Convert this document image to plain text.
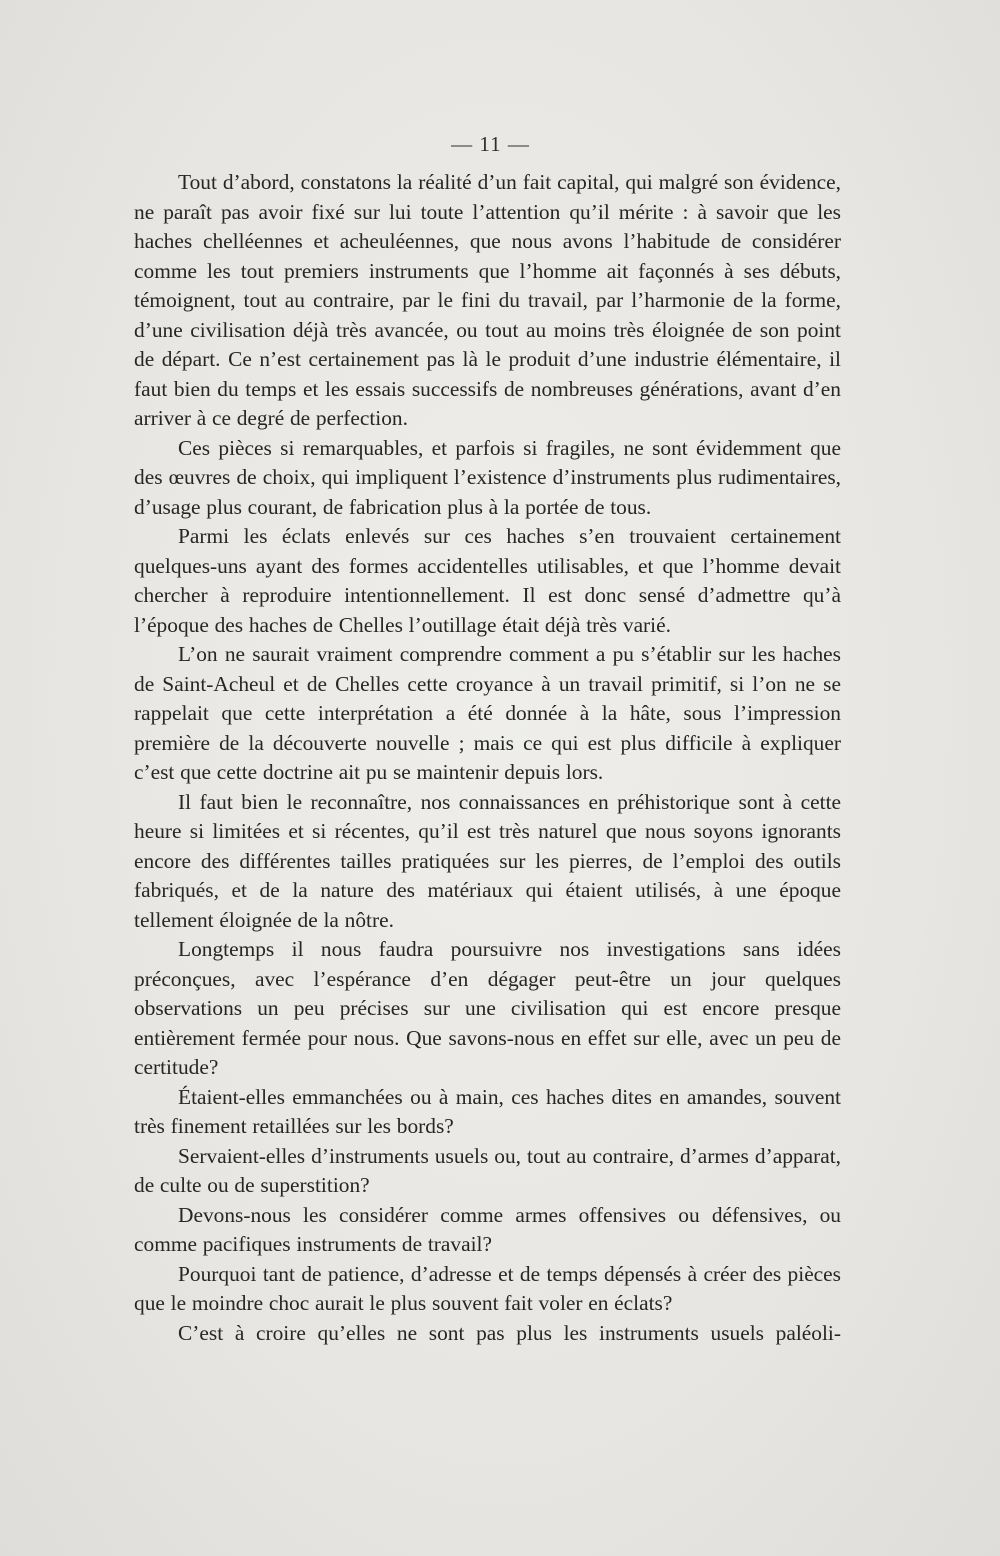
— 11 —

Tout d’abord, constatons la réalité d’un fait capital, qui malgré son évidence, ne paraît pas avoir fixé sur lui toute l’attention qu’il mérite : à savoir que les haches chelléennes et acheuléennes, que nous avons l’habitude de considérer comme les tout premiers instruments que l’homme ait façonnés à ses débuts, témoignent, tout au contraire, par le fini du travail, par l’harmonie de la forme, d’une civilisation déjà très avancée, ou tout au moins très éloignée de son point de départ. Ce n’est certainement pas là le produit d’une industrie élémentaire, il faut bien du temps et les essais successifs de nombreuses générations, avant d’en arriver à ce degré de perfection.

Ces pièces si remarquables, et parfois si fragiles, ne sont évidemment que des œuvres de choix, qui impliquent l’existence d’instruments plus rudimentaires, d’usage plus courant, de fabrication plus à la portée de tous.

Parmi les éclats enlevés sur ces haches s’en trouvaient certainement quelques-uns ayant des formes accidentelles utilisables, et que l’homme devait chercher à reproduire intentionnellement. Il est donc sensé d’admettre qu’à l’époque des haches de Chelles l’outillage était déjà très varié.

L’on ne saurait vraiment comprendre comment a pu s’établir sur les haches de Saint-Acheul et de Chelles cette croyance à un travail primitif, si l’on ne se rappelait que cette interprétation a été donnée à la hâte, sous l’impression première de la découverte nouvelle ; mais ce qui est plus difficile à expliquer c’est que cette doctrine ait pu se maintenir depuis lors.

Il faut bien le reconnaître, nos connaissances en préhistorique sont à cette heure si limitées et si récentes, qu’il est très naturel que nous soyons ignorants encore des différentes tailles pratiquées sur les pierres, de l’emploi des outils fabriqués, et de la nature des matériaux qui étaient utilisés, à une époque tellement éloignée de la nôtre.

Longtemps il nous faudra poursuivre nos investigations sans idées préconçues, avec l’espérance d’en dégager peut-être un jour quelques observations un peu précises sur une civilisation qui est encore presque entièrement fermée pour nous. Que savons-nous en effet sur elle, avec un peu de certitude?

Étaient-elles emmanchées ou à main, ces haches dites en amandes, souvent très finement retaillées sur les bords?

Servaient-elles d’instruments usuels ou, tout au contraire, d’armes d’apparat, de culte ou de superstition?

Devons-nous les considérer comme armes offensives ou défensives, ou comme pacifiques instruments de travail?

Pourquoi tant de patience, d’adresse et de temps dépensés à créer des pièces que le moindre choc aurait le plus souvent fait voler en éclats?

C’est à croire qu’elles ne sont pas plus les instruments usuels paléoli-
